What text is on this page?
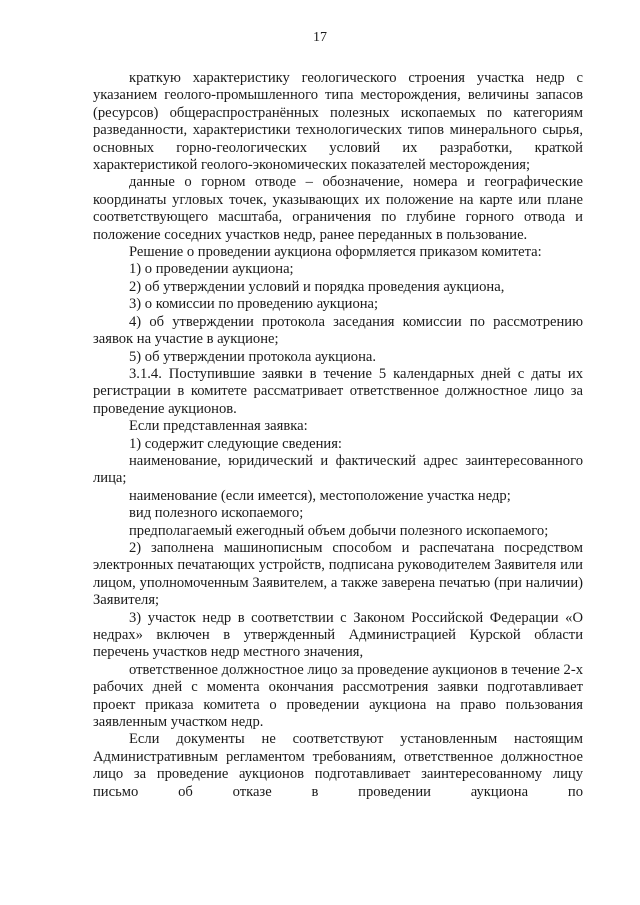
17

краткую характеристику геологического строения участка недр с указанием геолого-промышленного типа месторождения, величины запасов (ресурсов) общераспространённых полезных ископаемых по категориям разведанности, характеристики технологических типов минерального сырья, основных горно-геологических условий их разработки, краткой характеристикой геолого-экономических показателей месторождения;

данные о горном отводе – обозначение, номера и географические координаты угловых точек, указывающих их положение на карте или плане соответствующего масштаба, ограничения по глубине горного отвода и положение соседних участков недр, ранее переданных в пользование.

Решение о проведении аукциона оформляется приказом комитета:

1) о проведении аукциона;

2) об утверждении условий и порядка проведения аукциона,

3) о комиссии по проведению аукциона;

4) об утверждении протокола заседания комиссии по рассмотрению заявок на участие в аукционе;

5) об утверждении протокола аукциона.

3.1.4. Поступившие заявки в течение 5 календарных дней с даты их регистрации в комитете рассматривает ответственное должностное лицо за проведение аукционов.

Если представленная заявка:

1) содержит следующие сведения:

наименование, юридический и фактический адрес заинтересованного лица;

наименование (если имеется), местоположение участка недр;

вид полезного ископаемого;

предполагаемый ежегодный объем добычи полезного ископаемого;

2) заполнена машинописным способом и распечатана посредством электронных печатающих устройств, подписана руководителем Заявителя или лицом, уполномоченным Заявителем, а также заверена печатью (при наличии) Заявителя;

3) участок недр в соответствии с Законом Российской Федерации «О недрах» включен в утвержденный Администрацией Курской области перечень участков недр местного значения,

ответственное должностное лицо за проведение аукционов в течение 2-х рабочих дней с момента окончания рассмотрения заявки подготавливает проект приказа комитета о проведении аукциона на право пользования заявленным участком недр.

Если документы не соответствуют установленным настоящим Административным регламентом требованиям, ответственное должностное лицо за проведение аукционов подготавливает заинтересованному лицу письмо об отказе в проведении аукциона по
